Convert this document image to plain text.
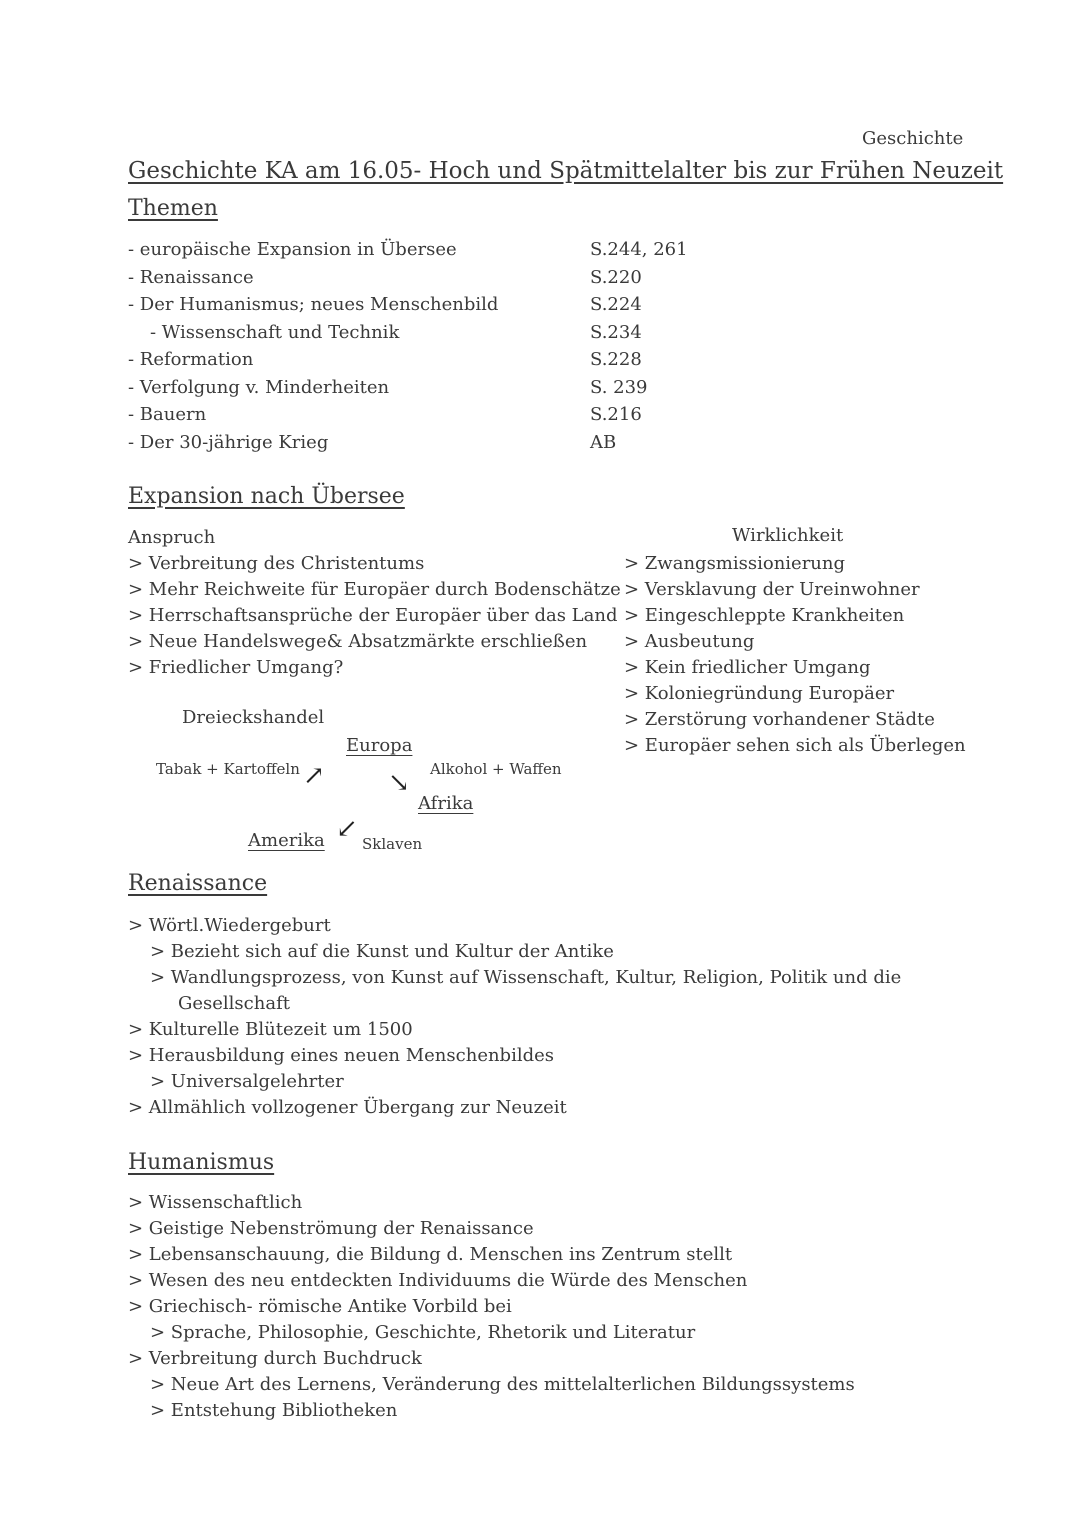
Geschichte
Geschichte KA am 16.05- Hoch und Spätmittelalter bis zur Frühen Neuzeit
Themen
- europäische Expansion in Übersee
- Renaissance
- Der Humanismus; neues Menschenbild
- Wissenschaft und Technik
- Reformation
- Verfolgung v. Minderheiten
- Bauern
- Der 30-jährige Krieg
S.244, 261
S.220
S.224
S.234
S.228
S. 239
S.216
AB
Expansion nach Übersee
Anspruch
> Verbreitung des Christentums
> Mehr Reichweite für Europäer durch Bodenschätze
> Herrschaftsansprüche der Europäer über das Land
> Neue Handelswege& Absatzmärkte erschließen
> Friedlicher Umgang?
Wirklichkeit
> Zwangsmissionierung
> Versklavung der Ureinwohner
> Eingeschleppte Krankheiten
> Ausbeutung
> Kein friedlicher Umgang
> Koloniegründung Europäer
> Zerstörung vorhandener Städte
> Europäer sehen sich als Überlegen
Dreieckshandel
Europa
Afrika
Amerika
Tabak + Kartoffeln	Alkohol + Waffen
Sklaven
↗ ↘
↙
Renaissance
> Wörtl.Wiedergeburt
> Bezieht sich auf die Kunst und Kultur der Antike
> Wandlungsprozess, von Kunst auf Wissenschaft, Kultur, Religion, Politik und die
Gesellschaft
> Kulturelle Blütezeit um 1500
> Herausbildung eines neuen Menschenbildes
> Universalgelehrter
> Allmählich vollzogener Übergang zur Neuzeit
Humanismus
> Wissenschaftlich
> Geistige Nebenströmung der Renaissance
> Lebensanschauung, die Bildung d. Menschen ins Zentrum stellt
> Wesen des neu entdeckten Individuums die Würde des Menschen
> Griechisch- römische Antike Vorbild bei
> Sprache, Philosophie, Geschichte, Rhetorik und Literatur
> Verbreitung durch Buchdruck
> Neue Art des Lernens, Veränderung des mittelalterlichen Bildungssystems
> Entstehung Bibliotheken
